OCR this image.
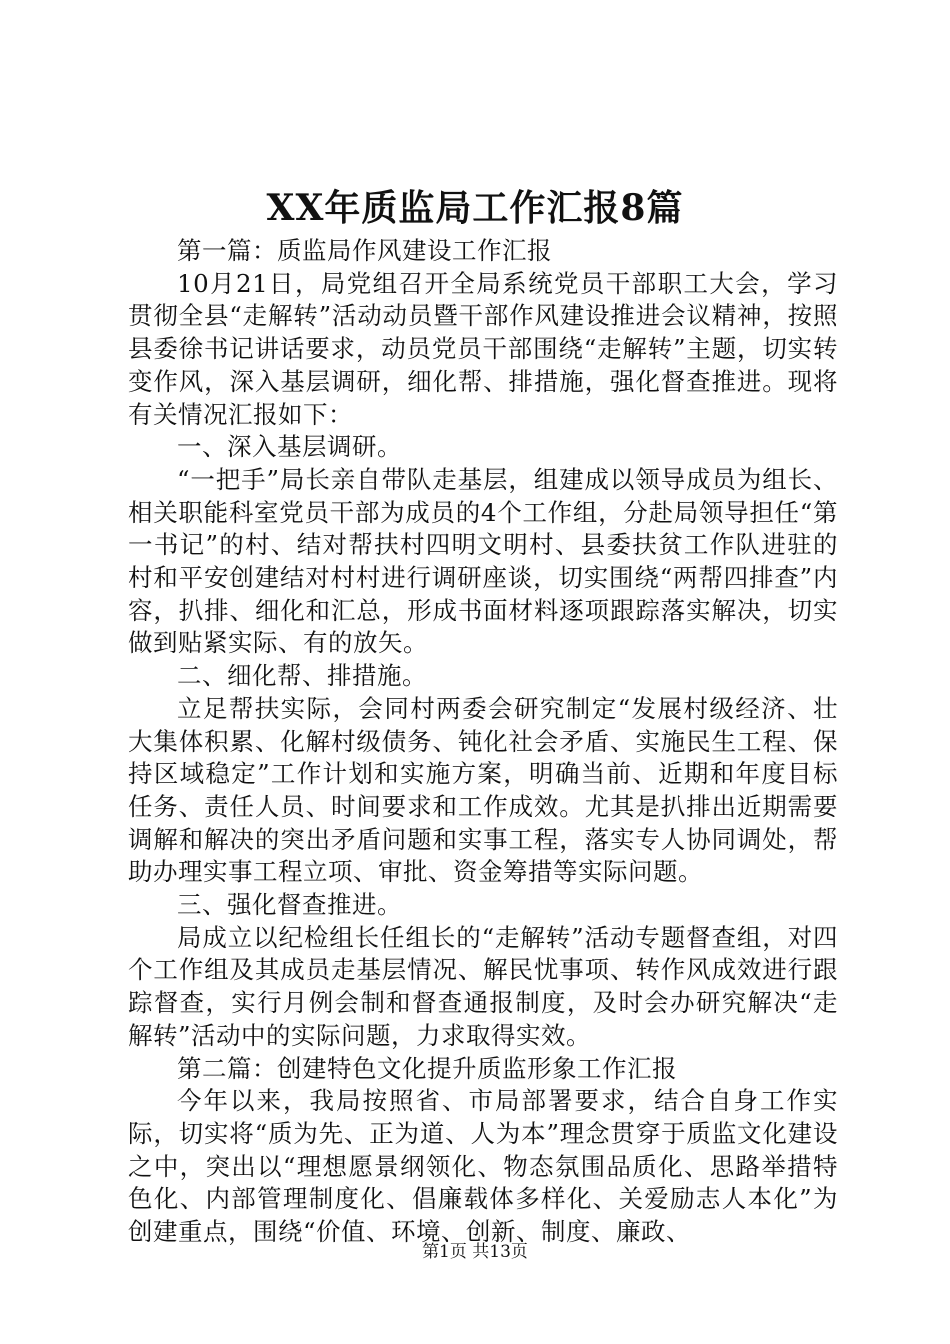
XX年质监局工作汇报8篇

第一篇：质监局作风建设工作汇报

10月21日，局党组召开全局系统党员干部职工大会，学习贯彻全县“走解转”活动动员暨干部作风建设推进会议精神，按照县委徐书记讲话要求，动员党员干部围绕“走解转”主题，切实转变作风，深入基层调研，细化帮、排措施，强化督查推进。现将有关情况汇报如下：

一、深入基层调研。

“一把手”局长亲自带队走基层，组建成以领导成员为组长、相关职能科室党员干部为成员的4个工作组，分赴局领导担任“第一书记”的村、结对帮扶村四明文明村、县委扶贫工作队进驻的村和平安创建结对村村进行调研座谈，切实围绕“两帮四排查”内容，扒排、细化和汇总，形成书面材料逐项跟踪落实解决，切实做到贴紧实际、有的放矢。

二、细化帮、排措施。

立足帮扶实际，会同村两委会研究制定“发展村级经济、壮大集体积累、化解村级债务、钝化社会矛盾、实施民生工程、保持区域稳定”工作计划和实施方案，明确当前、近期和年度目标任务、责任人员、时间要求和工作成效。尤其是扒排出近期需要调解和解决的突出矛盾问题和实事工程，落实专人协同调处，帮助办理实事工程立项、审批、资金筹措等实际问题。

三、强化督查推进。

局成立以纪检组长任组长的“走解转”活动专题督查组，对四个工作组及其成员走基层情况、解民忧事项、转作风成效进行跟踪督查，实行月例会制和督查通报制度，及时会办研究解决“走解转”活动中的实际问题，力求取得实效。

第二篇：创建特色文化提升质监形象工作汇报

今年以来，我局按照省、市局部署要求，结合自身工作实际，切实将“质为先、正为道、人为本”理念贯穿于质监文化建设之中，突出以“理想愿景纲领化、物态氛围品质化、思路举措特色化、内部管理制度化、倡廉载体多样化、关爱励志人本化”为创建重点，围绕“价值、环境、创新、制度、廉政、

第1页 共13页
